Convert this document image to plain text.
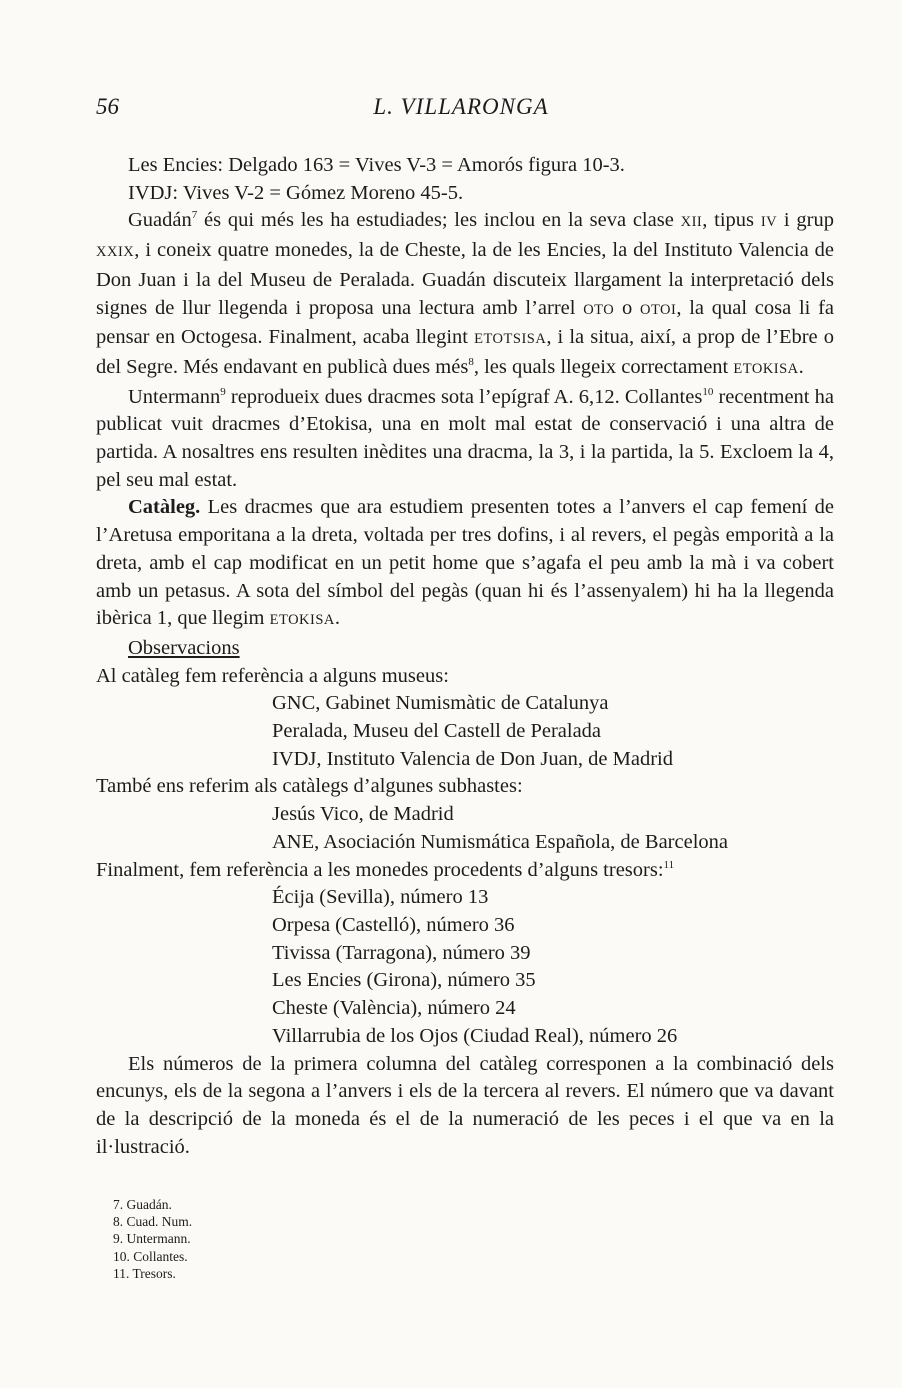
56	L. VILLARONGA

Les Encies: Delgado 163 = Vives V-3 = Amorós figura 10-3.

IVDJ: Vives V-2 = Gómez Moreno 45-5.

Guadán$^7$ és qui més les ha estudiades; les inclou en la seva clase XII, tipus IV i grup XXIX, i coneix quatre monedes, la de Cheste, la de les Encies, la del Instituto Valencia de Don Juan i la del Museu de Peralada. Guadán discuteix llargament la interpretació dels signes de llur llegenda i proposa una lectura amb l’arrel OTO o OTOI, la qual cosa li fa pensar en Octogesa. Finalment, acaba llegint ETOTSISA, i la situa, així, a prop de l’Ebre o del Segre. Més endavant en publicà dues més$^8$, les quals llegeix correctament ETOKISA.

Untermann$^9$ reprodueix dues dracmes sota l’epígraf A. 6,12. Collantes$^{10}$ recentment ha publicat vuit dracmes d’Etokisa, una en molt mal estat de conservació i una altra de partida. A nosaltres ens resulten inèdites una dracma, la 3, i la partida, la 5. Excloem la 4, pel seu mal estat.

Catàleg. Les dracmes que ara estudiem presenten totes a l’anvers el cap femení de l’Aretusa emporitana a la dreta, voltada per tres dofins, i al revers, el pegàs emporità a la dreta, amb el cap modificat en un petit home que s’agafa el peu amb la mà i va cobert amb un petasus. A sota del símbol del pegàs (quan hi és l’assenyalem) hi ha la llegenda ibèrica 1, que llegim ETOKISA.

Observacions

Al catàleg fem referència a alguns museus:

GNC, Gabinet Numismàtic de Catalunya
Peralada, Museu del Castell de Peralada
IVDJ, Instituto Valencia de Don Juan, de Madrid

També ens referim als catàlegs d’algunes subhastes:

Jesús Vico, de Madrid
ANE, Asociación Numismática Española, de Barcelona

Finalment, fem referència a les monedes procedents d’alguns tresors:$^{11}$

Écija (Sevilla), número 13
Orpesa (Castelló), número 36
Tivissa (Tarragona), número 39
Les Encies (Girona), número 35
Cheste (València), número 24
Villarrubia de los Ojos (Ciudad Real), número 26

Els números de la primera columna del catàleg corresponen a la combinació dels encunys, els de la segona a l’anvers i els de la tercera al revers. El número que va davant de la descripció de la moneda és el de la numeració de les peces i el que va en la il·lustració.

7. Guadán.
8. Cuad. Num.
9. Untermann.
10. Collantes.
11. Tresors.
